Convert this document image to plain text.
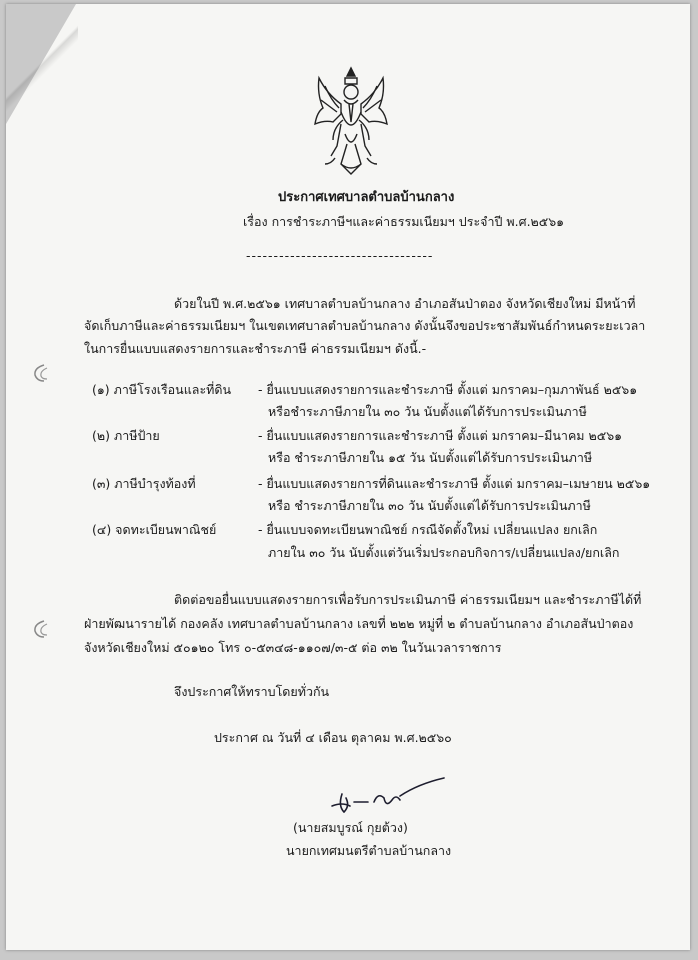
ประกาศเทศบาลตำบลบ้านกลาง
เรื่อง การชำระภาษีฯและค่าธรรมเนียมฯ ประจำปี พ.ศ.๒๕๖๑
----------------------------------
ด้วยในปี พ.ศ.๒๕๖๑ เทศบาลตำบลบ้านกลาง อำเภอสันป่าตอง จังหวัดเชียงใหม่ มีหน้าที่
จัดเก็บภาษีและค่าธรรมเนียมฯ ในเขตเทศบาลตำบลบ้านกลาง ดังนั้นจึงขอประชาสัมพันธ์กำหนดระยะเวลา
ในการยื่นแบบแสดงรายการและชำระภาษี ค่าธรรมเนียมฯ ดังนี้.-
(๑) ภาษีโรงเรือนและที่ดิน - ยื่นแบบแสดงรายการและชำระภาษี ตั้งแต่ มกราคม–กุมภาพันธ์ ๒๕๖๑
หรือชำระภาษีภายใน ๓๐ วัน นับตั้งแต่ได้รับการประเมินภาษี
(๒) ภาษีป้าย	- ยื่นแบบแสดงรายการและชำระภาษี ตั้งแต่ มกราคม–มีนาคม ๒๕๖๑
หรือ ชำระภาษีภายใน ๑๕ วัน นับตั้งแต่ได้รับการประเมินภาษี
(๓) ภาษีบำรุงท้องที่	- ยื่นแบบแสดงรายการที่ดินและชำระภาษี ตั้งแต่ มกราคม–เมษายน ๒๕๖๑
หรือ ชำระภาษีภายใน ๓๐ วัน นับตั้งแต่ได้รับการประเมินภาษี
(๔) จดทะเบียนพาณิชย์	- ยื่นแบบจดทะเบียนพาณิชย์ กรณีจัดตั้งใหม่ เปลี่ยนแปลง ยกเลิก
ภายใน ๓๐ วัน นับตั้งแต่วันเริ่มประกอบกิจการ/เปลี่ยนแปลง/ยกเลิก
ติดต่อขอยื่นแบบแสดงรายการเพื่อรับการประเมินภาษี ค่าธรรมเนียมฯ และชำระภาษีได้ที่
ฝ่ายพัฒนารายได้ กองคลัง เทศบาลตำบลบ้านกลาง เลขที่ ๒๒๒ หมู่ที่ ๒ ตำบลบ้านกลาง อำเภอสันป่าตอง
จังหวัดเชียงใหม่ ๕๐๑๒๐ โทร ๐-๕๓๔๘-๑๑๐๗/๓-๕ ต่อ ๓๒ ในวันเวลาราชการ
จึงประกาศให้ทราบโดยทั่วกัน
ประกาศ ณ วันที่ ๔ เดือน ตุลาคม พ.ศ.๒๕๖๐
(นายสมบูรณ์ กุยต้วง)
นายกเทศมนตรีตำบลบ้านกลาง
